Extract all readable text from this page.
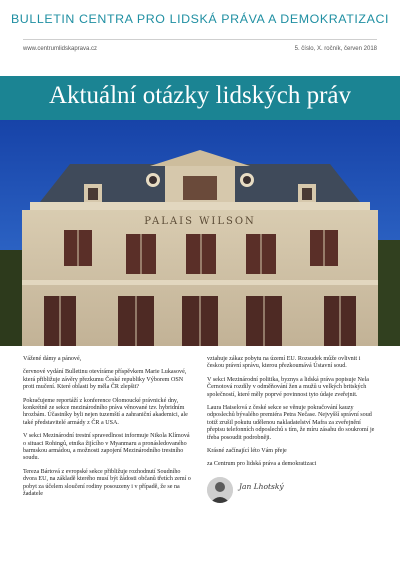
BULLETIN CENTRA PRO LIDSKÁ PRÁVA A DEMOKRATIZACI
www.centrumlidskaprava.cz	5. číslo, X. ročník, červen 2018
Aktuální otázky lidských práv
PALAIS WILSON

Vážené dámy a pánové,

červnové vydání Bulletinu otevíráme příspěvkem Marie Lukasové, která přibližuje závěry přezkumu České republiky Výborem OSN proti mučení. Které oblasti by měla ČR zlepšit?

Pokračujeme reportáží z konference Olomoucké právnické dny, konkrétně ze sekce mezinárodního práva věnované tzv. hybridním hrozbám. Účastníky byli nejen tuzemští a zahraniční akademici, ale také představitelé armády z ČR a USA.

V sekci Mezinárodní trestní spravedlnost informuje Nikola Klímová o situaci Rohingů, etnika žijícího v Myanmaru a pronásledovaného barmskou armádou, a možnosti zapojení Mezinárodního trestního soudu.

Tereza Bártová z evropské sekce přibližuje rozhodnutí Soudního dvora EU, na základě kterého musí být žádosti občanů třetích zemí o pobyt za účelem sloučení rodiny posouzeny i v případě, že se na žadatele

vztahuje zákaz pobytu na území EU. Rozsudek může ovlivnit i českou právní správu, kterou přezkoumává Ústavní soud.

V sekci Mezinárodní politika, byznys a lidská práva popisuje Nela Černotová rozdíly v odměňování žen a mužů u velkých britských společností, které měly poprvé povinnost tyto údaje zveřejnit.

Laura Haiselová z české sekce se věnuje pokračování kauzy odposlechů bývalého premiéra Petra Nečase. Nejvyšší správní soud totiž zrušil pokutu udělenou nakladatelství Mafra za zveřejnění přepisu telefonních odposlechů s tím, že míru zásahu do soukromí je třeba posoudit podrobněji.

Krásné začínající léto Vám přeje

za Centrum pro lidská práva a demokratizaci

Jan Lhotský
